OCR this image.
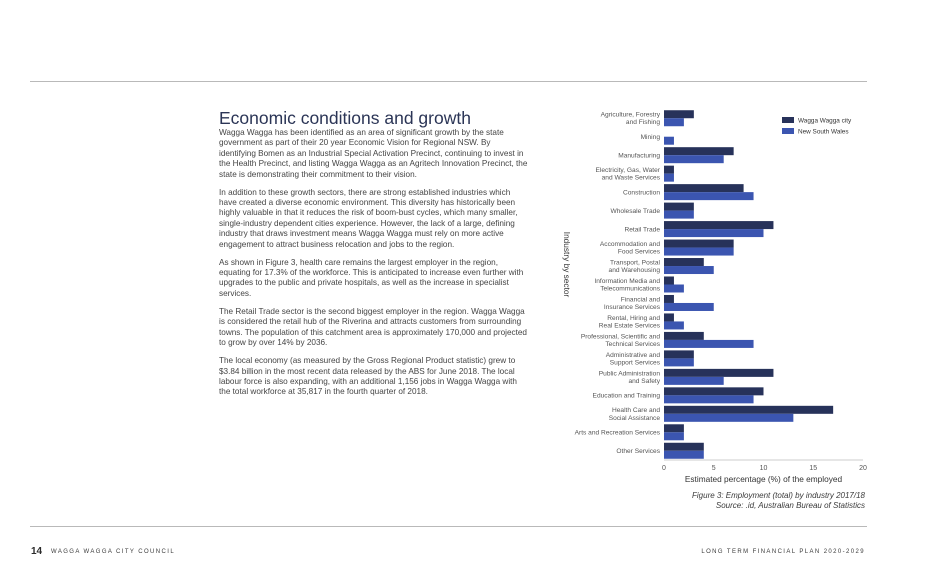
Economic conditions and growth

Wagga Wagga has been identified as an area of significant growth by the state government as part of their 20 year Economic Vision for Regional NSW. By identifying Bomen as an Industrial Special Activation Precinct, continuing to invest in the Health Precinct, and listing Wagga Wagga as an Agritech Innovation Precinct, the state is demonstrating their commitment to their vision.

In addition to these growth sectors, there are strong established industries which have created a diverse economic environment. This diversity has historically been highly valuable in that it reduces the risk of boom-bust cycles, which many smaller, single-industry dependent cities experience. However, the lack of a large, defining industry that draws investment means Wagga Wagga must rely on more active engagement to attract business relocation and jobs to the region.

As shown in Figure 3, health care remains the largest employer in the region, equating for 17.3% of the workforce. This is anticipated to increase even further with upgrades to the public and private hospitals, as well as the increase in specialist services.

The Retail Trade sector is the second biggest employer in the region. Wagga Wagga is considered the retail hub of the Riverina and attracts customers from surrounding towns. The population of this catchment area is approximately 170,000 and projected to grow by over 14% by 2036.

The local economy (as measured by the Gross Regional Product statistic) grew to $3.84 billion in the most recent data released by the ABS for June 2018. The local labour force is also expanding, with an additional 1,156 jobs in Wagga Wagga with the total workforce at 35,817 in the fourth quarter of 2018.

Agriculture, Forestry and Fishing
Mining
Manufacturing
Electricity, Gas, Water and Waste Services
Construction
Wholesale Trade
Retail Trade
Accommodation and Food Services
Transport, Postal and Warehousing
Information Media and Telecommunications
Financial and Insurance Services
Rental, Hiring and Real Estate Services
Professional, Scientific and Technical Services
Administrative and Support Services
Public Administration and Safety
Education and Training
Health Care and Social Assistance
Arts and Recreation Services
Other Services
0	5	10	15	20
Estimated percentage (%) of the employed
Industry by sector
Wagga Wagga city
New South Wales
Figure 3: Employment (total) by industry 2017/18
Source: .id, Australian Bureau of Statistics
14 WAGGA WAGGA CITY COUNCIL	LONG TERM FINANCIAL PLAN 2020-2029
